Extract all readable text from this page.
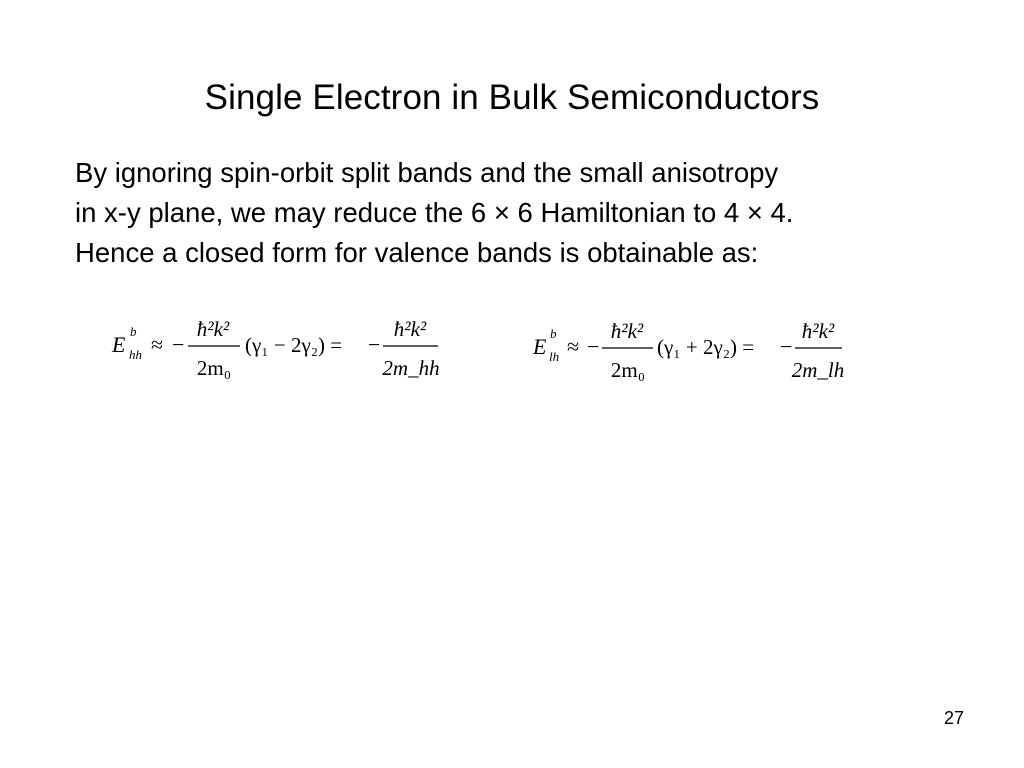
Single Electron in Bulk Semiconductors
By ignoring spin-orbit split bands and the small anisotropy
in x-y plane, we may reduce the 6 × 6 Hamiltonian to 4 × 4.
Hence a closed form for valence bands is obtainable as:
E
b
hh ≈ −
ħ²k²
2m₀
(γ₁ − 2γ₂) = −
ħ²k²
2m_hh
E
b
lh ≈ −
ħ²k²
2m₀
(γ₁ + 2γ₂) = −
ħ²k²
2m_lh
27
